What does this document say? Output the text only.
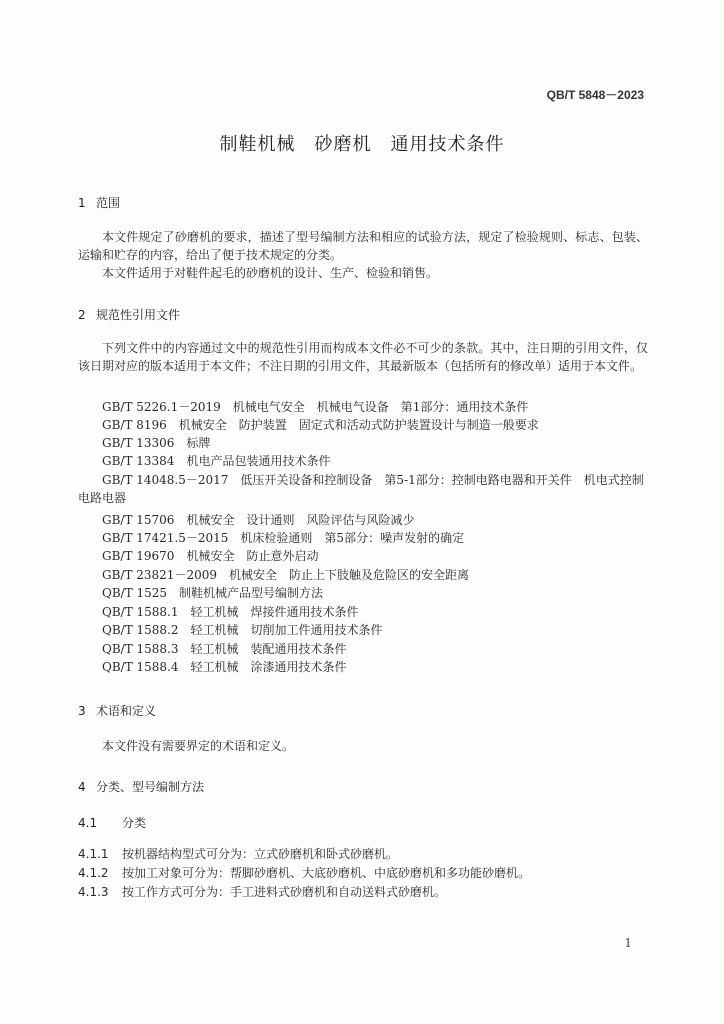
QB/T 5848－2023
制鞋机械　砂磨机　通用技术条件
1 范围
本文件规定了砂磨机的要求，描述了型号编制方法和相应的试验方法，规定了检验规则、标志、包装、运输和贮存的内容，给出了便于技术规定的分类。
本文件适用于对鞋件起毛的砂磨机的设计、生产、检验和销售。
2 规范性引用文件
下列文件中的内容通过文中的规范性引用而构成本文件必不可少的条款。其中，注日期的引用文件，仅该日期对应的版本适用于本文件；不注日期的引用文件，其最新版本（包括所有的修改单）适用于本文件。
GB/T 5226.1－2019　机械电气安全　机械电气设备　第1部分：通用技术条件
GB/T 8196　机械安全　防护装置　固定式和活动式防护装置设计与制造一般要求
GB/T 13306　标牌
GB/T 13384　机电产品包装通用技术条件
GB/T 14048.5－2017　低压开关设备和控制设备　第5-1部分：控制电路电器和开关件　机电式控制电路电器
GB/T 15706　机械安全　设计通则　风险评估与风险减少
GB/T 17421.5－2015　机床检验通则　第5部分：噪声发射的确定
GB/T 19670　机械安全　防止意外启动
GB/T 23821－2009　机械安全　防止上下肢触及危险区的安全距离
QB/T 1525　制鞋机械产品型号编制方法
QB/T 1588.1　轻工机械　焊接件通用技术条件
QB/T 1588.2　轻工机械　切削加工件通用技术条件
QB/T 1588.3　轻工机械　装配通用技术条件
QB/T 1588.4　轻工机械　涂漆通用技术条件
3 术语和定义
本文件没有需要界定的术语和定义。
4 分类、型号编制方法
4.1 分类
4.1.1 按机器结构型式可分为：立式砂磨机和卧式砂磨机。
4.1.2 按加工对象可分为：帮脚砂磨机、大底砂磨机、中底砂磨机和多功能砂磨机。
4.1.3 按工作方式可分为：手工进料式砂磨机和自动送料式砂磨机。
1
